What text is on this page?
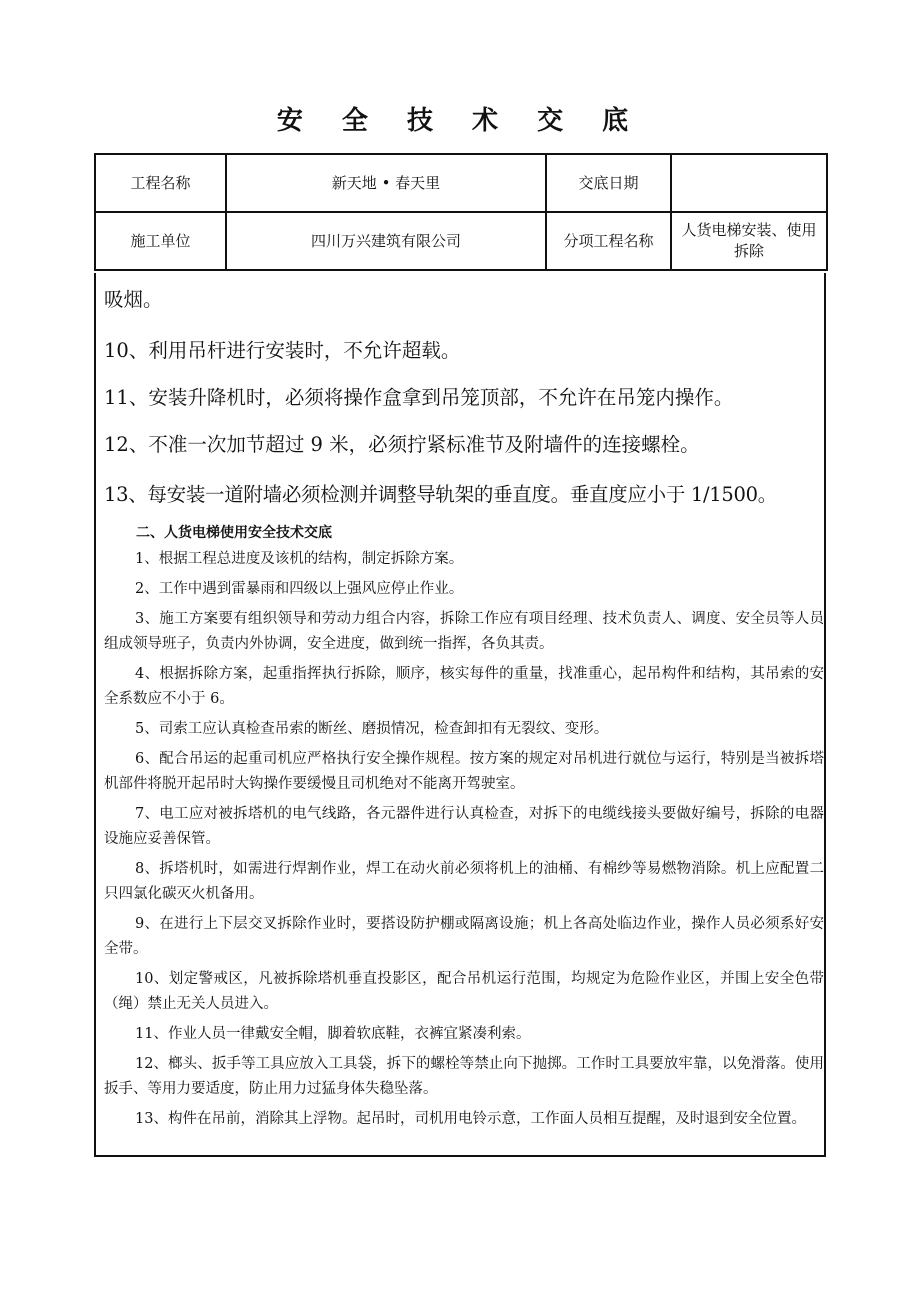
安 全 技 术 交 底
工程名称	新天地 • 春天里	交底日期	
施工单位	四川万兴建筑有限公司	分项工程名称	人货电梯安装、使用拆除

吸烟。

10、利用吊杆进行安装时，不允许超载。

11、安装升降机时，必须将操作盒拿到吊笼顶部，不允许在吊笼内操作。

12、不准一次加节超过 9 米，必须拧紧标准节及附墙件的连接螺栓。

13、每安装一道附墙必须检测并调整导轨架的垂直度。垂直度应小于 1/1500。

二、人货电梯使用安全技术交底

1、根据工程总进度及该机的结构，制定拆除方案。

2、工作中遇到雷暴雨和四级以上强风应停止作业。

3、施工方案要有组织领导和劳动力组合内容，拆除工作应有项目经理、技术负责人、调度、安全员等人员组成领导班子，负责内外协调，安全进度，做到统一指挥，各负其责。

4、根据拆除方案，起重指挥执行拆除，顺序，核实每件的重量，找准重心，起吊构件和结构，其吊索的安全系数应不小于 6。

5、司索工应认真检查吊索的断丝、磨损情况，检查卸扣有无裂纹、变形。

6、配合吊运的起重司机应严格执行安全操作规程。按方案的规定对吊机进行就位与运行，特别是当被拆塔机部件将脱开起吊时大钩操作要缓慢且司机绝对不能离开驾驶室。

7、电工应对被拆塔机的电气线路，各元器件进行认真检查，对拆下的电缆线接头要做好编号，拆除的电器设施应妥善保管。

8、拆塔机时，如需进行焊割作业，焊工在动火前必须将机上的油桶、有棉纱等易燃物消除。机上应配置二只四氯化碳灭火机备用。

9、在进行上下层交叉拆除作业时，要搭设防护棚或隔离设施；机上各高处临边作业，操作人员必须系好安全带。

10、划定警戒区，凡被拆除塔机垂直投影区，配合吊机运行范围，均规定为危险作业区，并围上安全色带（绳）禁止无关人员进入。

11、作业人员一律戴安全帽，脚着软底鞋，衣裤宜紧凑利索。

12、榔头、扳手等工具应放入工具袋，拆下的螺栓等禁止向下抛掷。工作时工具要放牢靠，以免滑落。使用扳手、等用力要适度，防止用力过猛身体失稳坠落。

13、构件在吊前，消除其上浮物。起吊时，司机用电铃示意，工作面人员相互提醒，及时退到安全位置。
